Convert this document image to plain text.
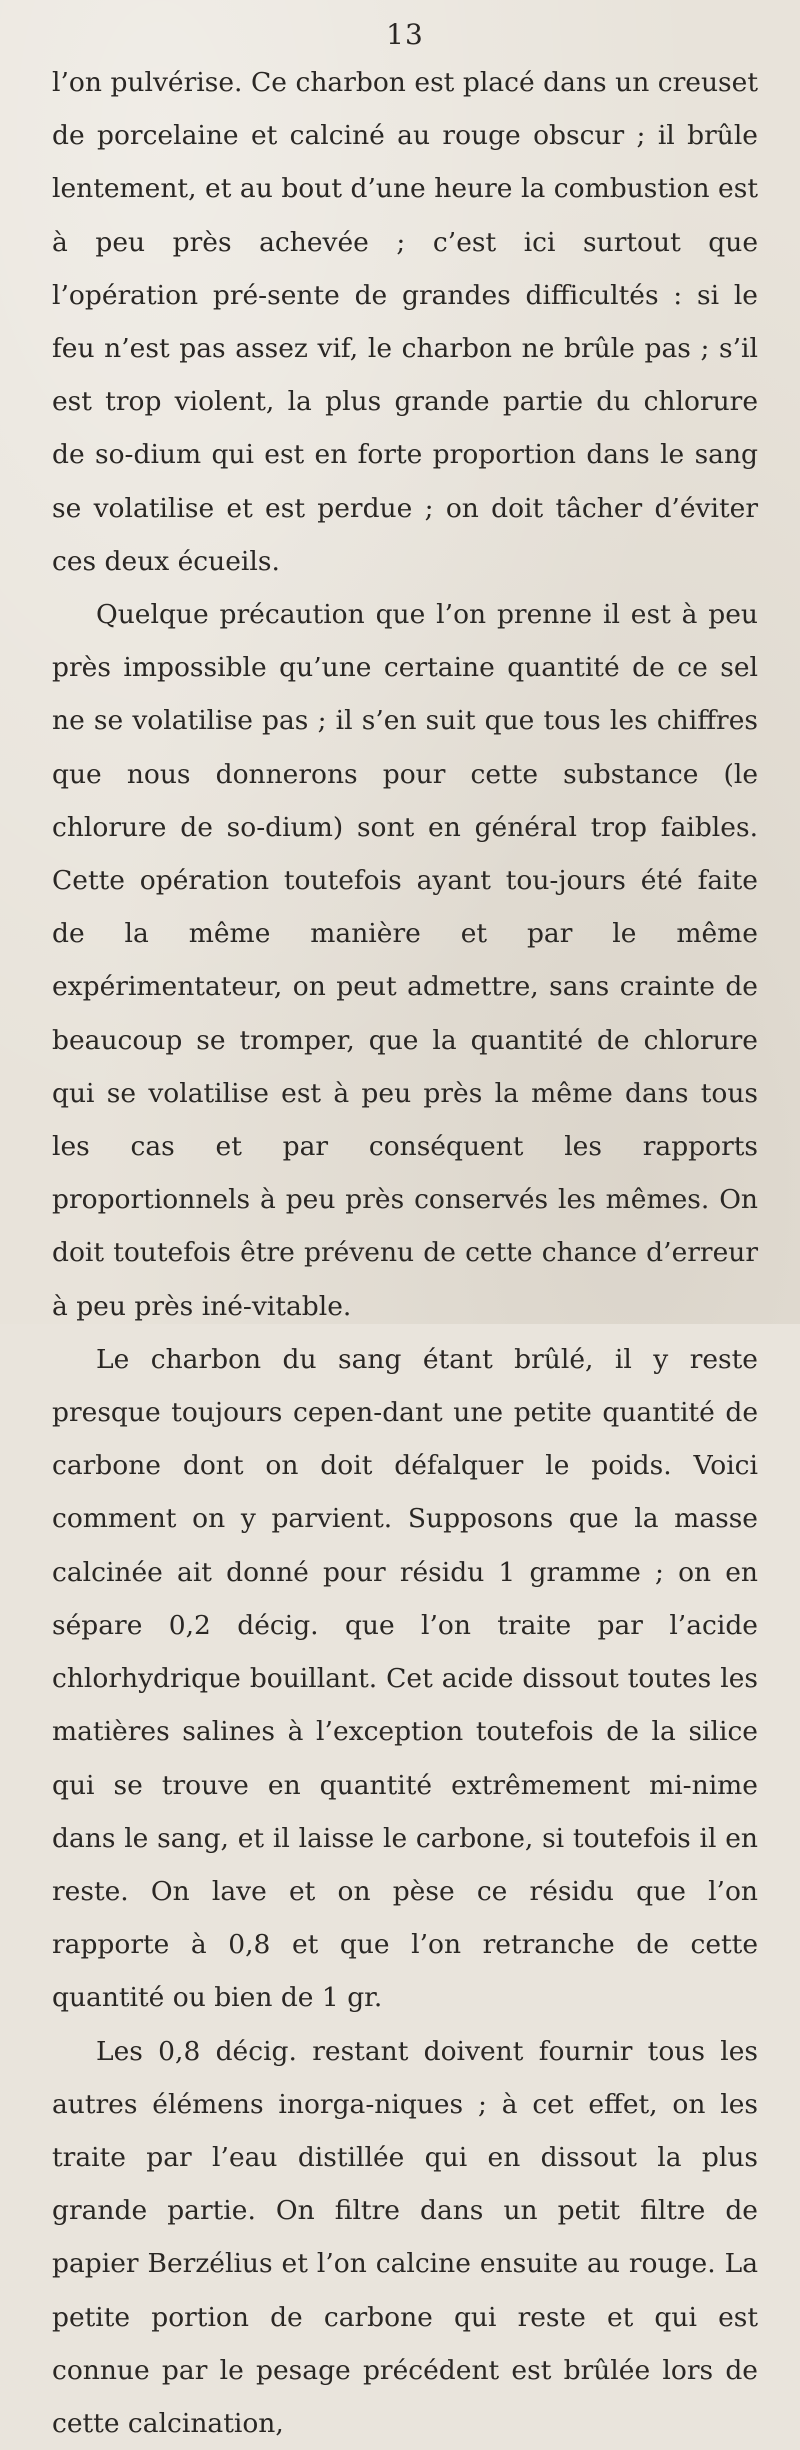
13

l’on pulvérise. Ce charbon est placé dans un creuset de porcelaine et calciné au rouge obscur ; il brûle lentement, et au bout d’une heure la combustion est à peu près achevée ; c’est ici surtout que l’opération pré-sente de grandes difficultés : si le feu n’est pas assez vif, le charbon ne brûle pas ; s’il est trop violent, la plus grande partie du chlorure de so-dium qui est en forte proportion dans le sang se volatilise et est perdue ; on doit tâcher d’éviter ces deux écueils.

Quelque précaution que l’on prenne il est à peu près impossible qu’une certaine quantité de ce sel ne se volatilise pas ; il s’en suit que tous les chiffres que nous donnerons pour cette substance (le chlorure de so-dium) sont en général trop faibles. Cette opération toutefois ayant tou-jours été faite de la même manière et par le même expérimentateur, on peut admettre, sans crainte de beaucoup se tromper, que la quantité de chlorure qui se volatilise est à peu près la même dans tous les cas et par conséquent les rapports proportionnels à peu près conservés les mêmes. On doit toutefois être prévenu de cette chance d’erreur à peu près iné-vitable.

Le charbon du sang étant brûlé, il y reste presque toujours cepen-dant une petite quantité de carbone dont on doit défalquer le poids. Voici comment on y parvient. Supposons que la masse calcinée ait donné pour résidu 1 gramme ; on en sépare 0,2 décig. que l’on traite par l’acide chlorhydrique bouillant. Cet acide dissout toutes les matières salines à l’exception toutefois de la silice qui se trouve en quantité extrêmement mi-nime dans le sang, et il laisse le carbone, si toutefois il en reste. On lave et on pèse ce résidu que l’on rapporte à 0,8 et que l’on retranche de cette quantité ou bien de 1 gr.

Les 0,8 décig. restant doivent fournir tous les autres élémens inorga-niques ; à cet effet, on les traite par l’eau distillée qui en dissout la plus grande partie. On filtre dans un petit filtre de papier Berzélius et l’on calcine ensuite au rouge. La petite portion de carbone qui reste et qui est connue par le pesage précédent est brûlée lors de cette calcination,
